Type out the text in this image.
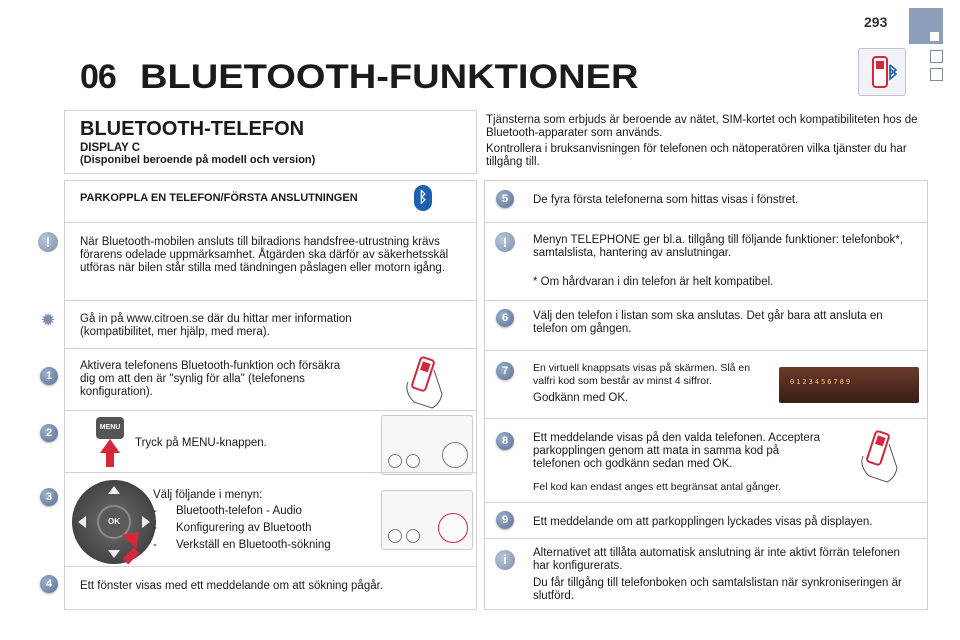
293
06 BLUETOOTH-FUNKTIONER
BLUETOOTH-TELEFON
DISPLAY C
(Disponibel beroende på modell och version)
Tjänsterna som erbjuds är beroende av nätet, SIM-kortet och kompatibiliteten hos de Bluetooth-apparater som används.
Kontrollera i bruksanvisningen för telefonen och nätoperatören vilka tjänster du har tillgång till.
PARKOPPLA EN TELEFON/FÖRSTA ANSLUTNINGEN	ᛒ
!	När Bluetooth-mobilen ansluts till bilradions handsfree-utrustning krävs förarens odelade uppmärksamhet. Åtgärden ska därför av säkerhetsskäl utföras när bilen står stilla med tändningen påslagen eller motorn igång.
✹ Gå in på www.citroen.se där du hittar mer information (kompatibilitet, mer hjälp, med mera).
1
Aktivera telefonens Bluetooth-funktion och försäkra dig om att den är "synlig för alla" (telefonens konfiguration).
2	MENU
Tryck på MENU-knappen.
3
OK
Välj följande i menyn:
- Bluetooth-telefon - Audio
- Konfigurering av Bluetooth
- Verkställ en Bluetooth-sökning
4	Ett fönster visas med ett meddelande om att sökning pågår.
5	De fyra första telefonerna som hittas visas i fönstret.
!	Menyn TELEPHONE ger bl.a. tillgång till följande funktioner: telefonbok*, samtalslista, hantering av anslutningar.
* Om hårdvaran i din telefon är helt kompatibel.
6	Välj den telefon i listan som ska anslutas. Det går bara att ansluta en telefon om gången.
7	En virtuell knappsats visas på skärmen. Slå en valfri kod som består av minst 4 siffror.
Godkänn med OK.
0123456789
8	Ett meddelande visas på den valda telefonen. Acceptera parkopplingen genom att mata in samma kod på telefonen och godkänn sedan med OK.
Fel kod kan endast anges ett begränsat antal gånger.
9	Ett meddelande om att parkopplingen lyckades visas på displayen.
i	Alternativet att tillåta automatisk anslutning är inte aktivt förrän telefonen har konfigurerats.
Du får tillgång till telefonboken och samtalslistan när synkroniseringen är slutförd.
